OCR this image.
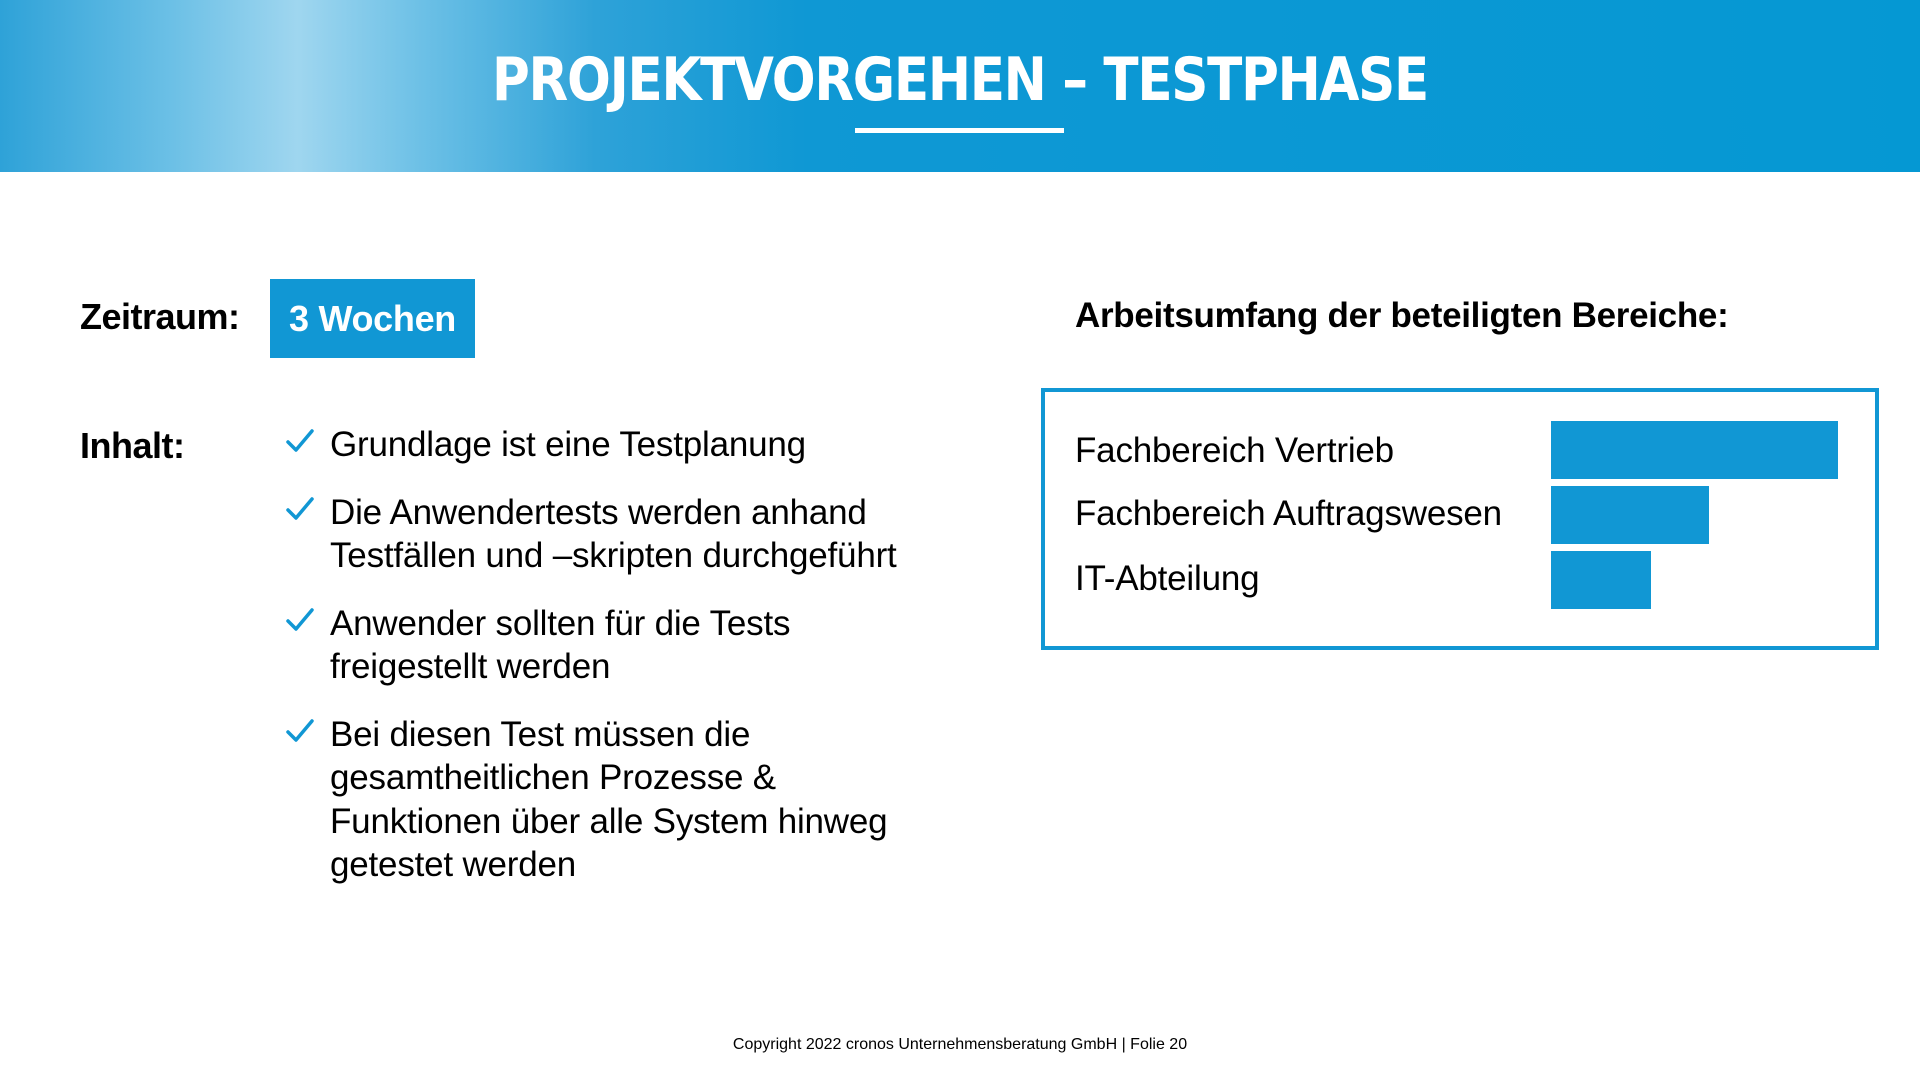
PROJEKTVORGEHEN – TESTPHASE
Zeitraum:	3 Wochen
Inhalt:	Grundlage ist eine Testplanung
Die Anwendertests werden anhand Testfällen und –skripten durchgeführt
Anwender sollten für die Tests freigestellt werden
Bei diesen Test müssen die gesamtheitlichen Prozesse & Funktionen über alle System hinweg getestet werden
Arbeitsumfang der beteiligten Bereiche:
Fachbereich Vertrieb
Fachbereich Auftragswesen
IT-Abteilung
Copyright 2022 cronos Unternehmensberatung GmbH | Folie 20
